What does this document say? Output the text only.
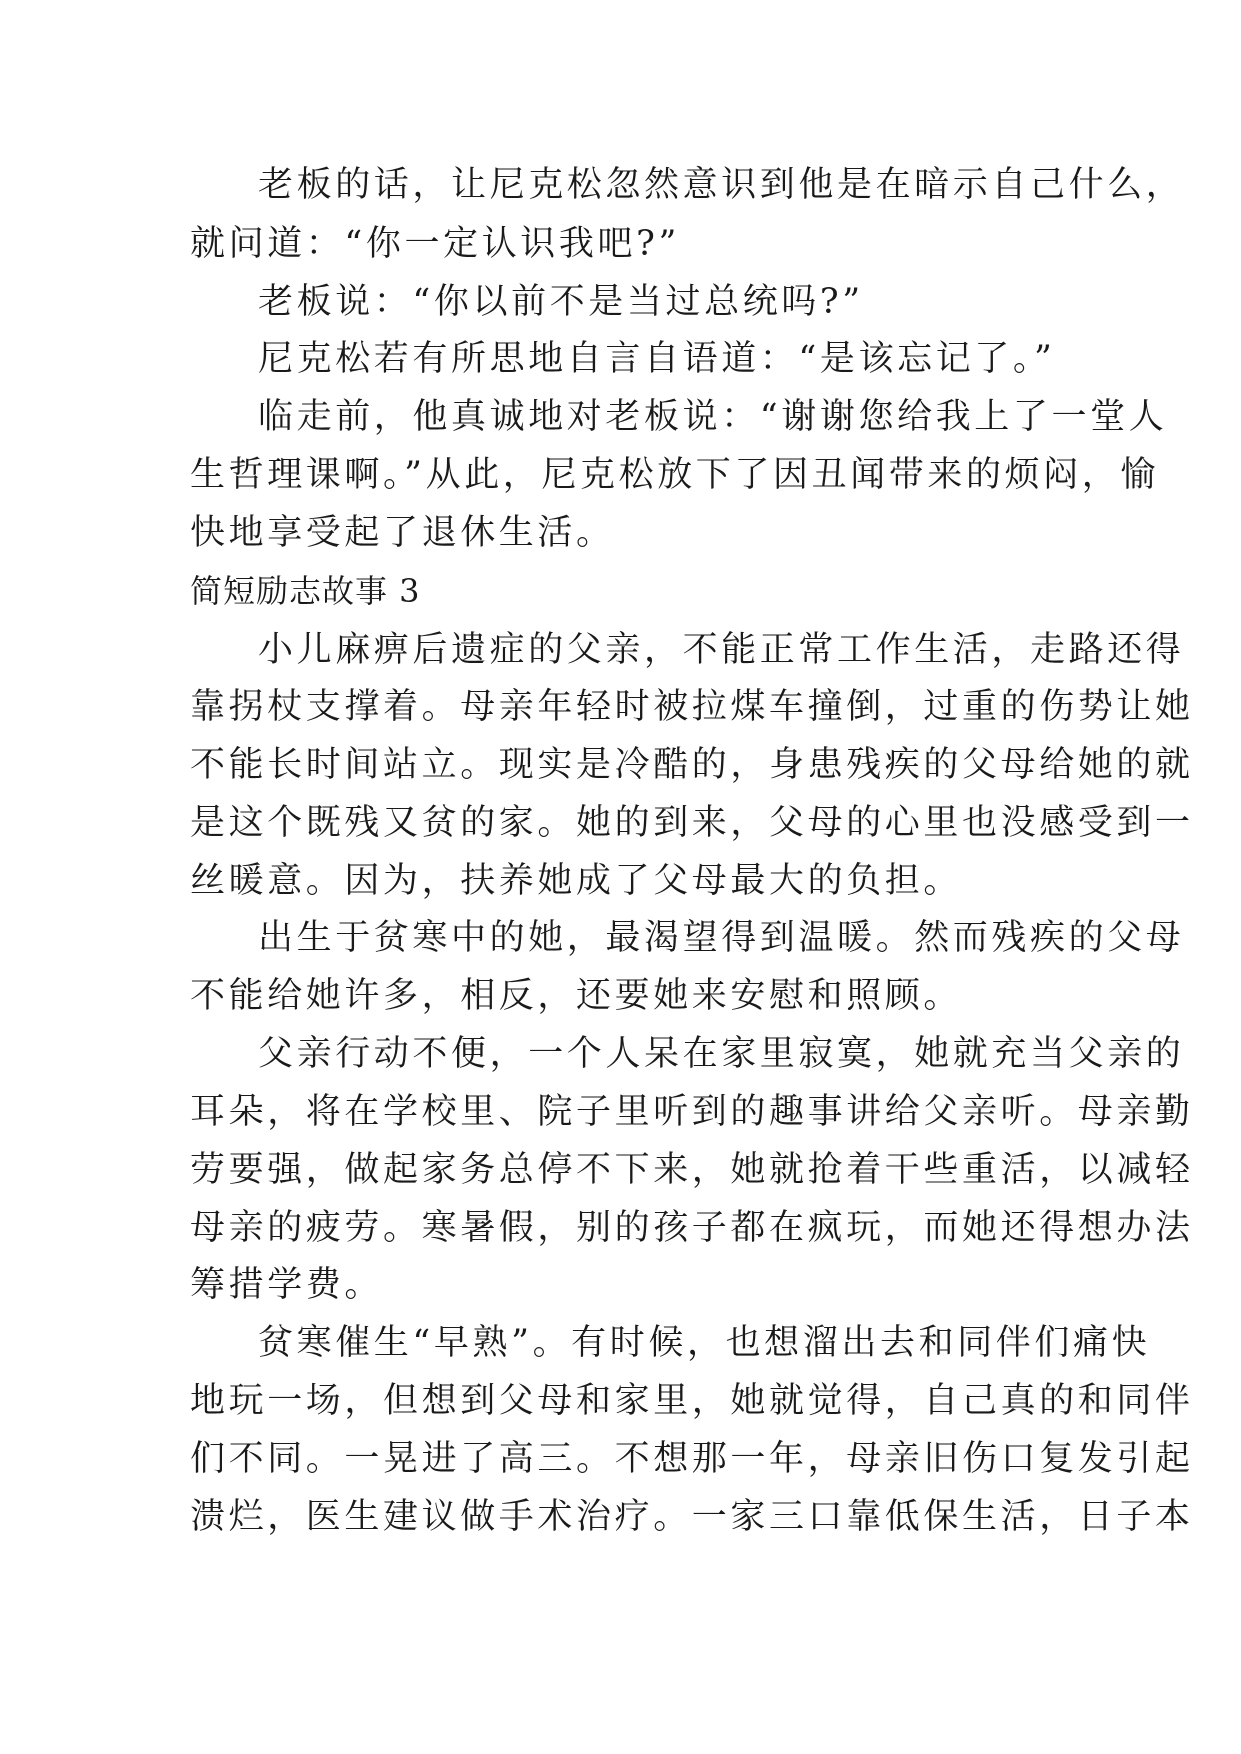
老板的话，让尼克松忽然意识到他是在暗示自己什么，
就问道：“你一定认识我吧?”
老板说：“你以前不是当过总统吗?”
尼克松若有所思地自言自语道：“是该忘记了。”
临走前，他真诚地对老板说：“谢谢您给我上了一堂人
生哲理课啊。”从此，尼克松放下了因丑闻带来的烦闷，愉
快地享受起了退休生活。
简短励志故事 3
小儿麻痹后遗症的父亲，不能正常工作生活，走路还得
靠拐杖支撑着。母亲年轻时被拉煤车撞倒，过重的伤势让她
不能长时间站立。现实是冷酷的，身患残疾的父母给她的就
是这个既残又贫的家。她的到来，父母的心里也没感受到一
丝暖意。因为，扶养她成了父母最大的负担。
出生于贫寒中的她，最渴望得到温暖。然而残疾的父母
不能给她许多，相反，还要她来安慰和照顾。
父亲行动不便，一个人呆在家里寂寞，她就充当父亲的
耳朵，将在学校里、院子里听到的趣事讲给父亲听。母亲勤
劳要强，做起家务总停不下来，她就抢着干些重活，以减轻
母亲的疲劳。寒暑假，别的孩子都在疯玩，而她还得想办法
筹措学费。
贫寒催生“早熟”。有时候，也想溜出去和同伴们痛快
地玩一场，但想到父母和家里，她就觉得，自己真的和同伴
们不同。一晃进了高三。不想那一年，母亲旧伤口复发引起
溃烂，医生建议做手术治疗。一家三口靠低保生活，日子本
